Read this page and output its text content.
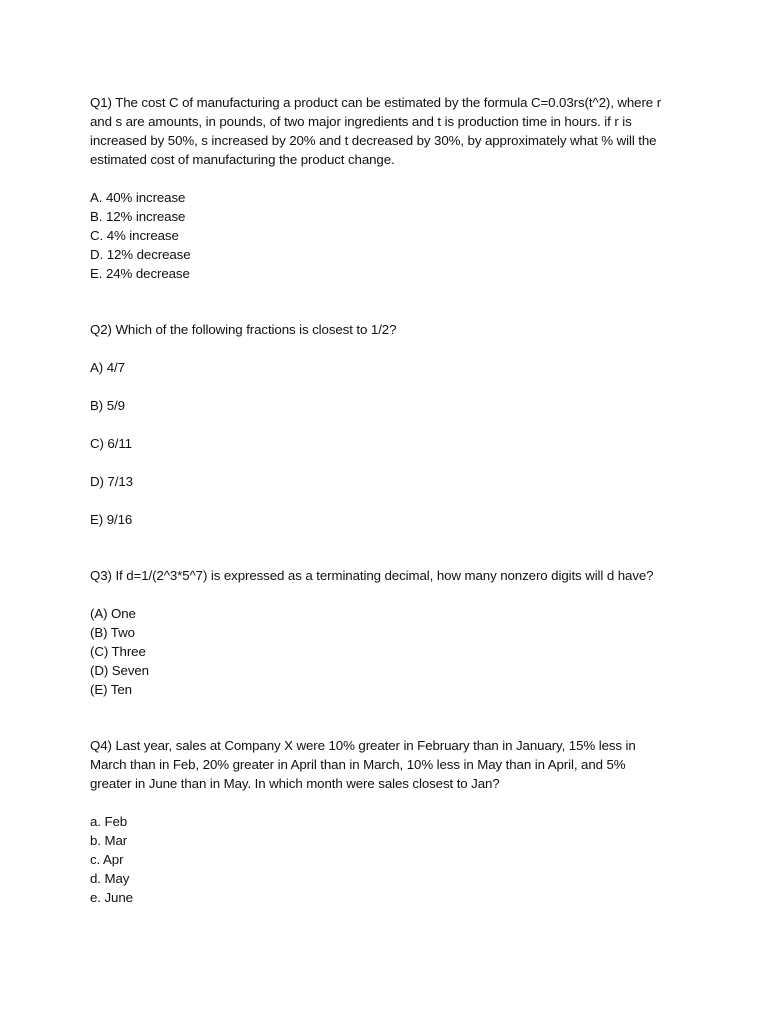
Q1) The cost C of manufacturing a product can be estimated by the formula C=0.03rs(t^2), where r and s are amounts, in pounds, of two major ingredients and t is production time in hours. if r is increased by 50%, s increased by 20% and t decreased by 30%, by approximately what % will the estimated cost of manufacturing the product change.

A. 40% increase
B. 12% increase
C. 4% increase
D. 12% decrease
E. 24% decrease

Q2) Which of the following fractions is closest to 1/2?

A) 4/7
B) 5/9
C) 6/11
D) 7/13
E) 9/16

Q3) If d=1/(2^3*5^7) is expressed as a terminating decimal, how many nonzero digits will d have?

(A) One
(B) Two
(C) Three
(D) Seven
(E) Ten

Q4) Last year, sales at Company X were 10% greater in February than in January, 15% less in March than in Feb, 20% greater in April than in March, 10% less in May than in April, and 5% greater in June than in May. In which month were sales closest to Jan?

a. Feb
b. Mar
c. Apr
d. May
e. June
